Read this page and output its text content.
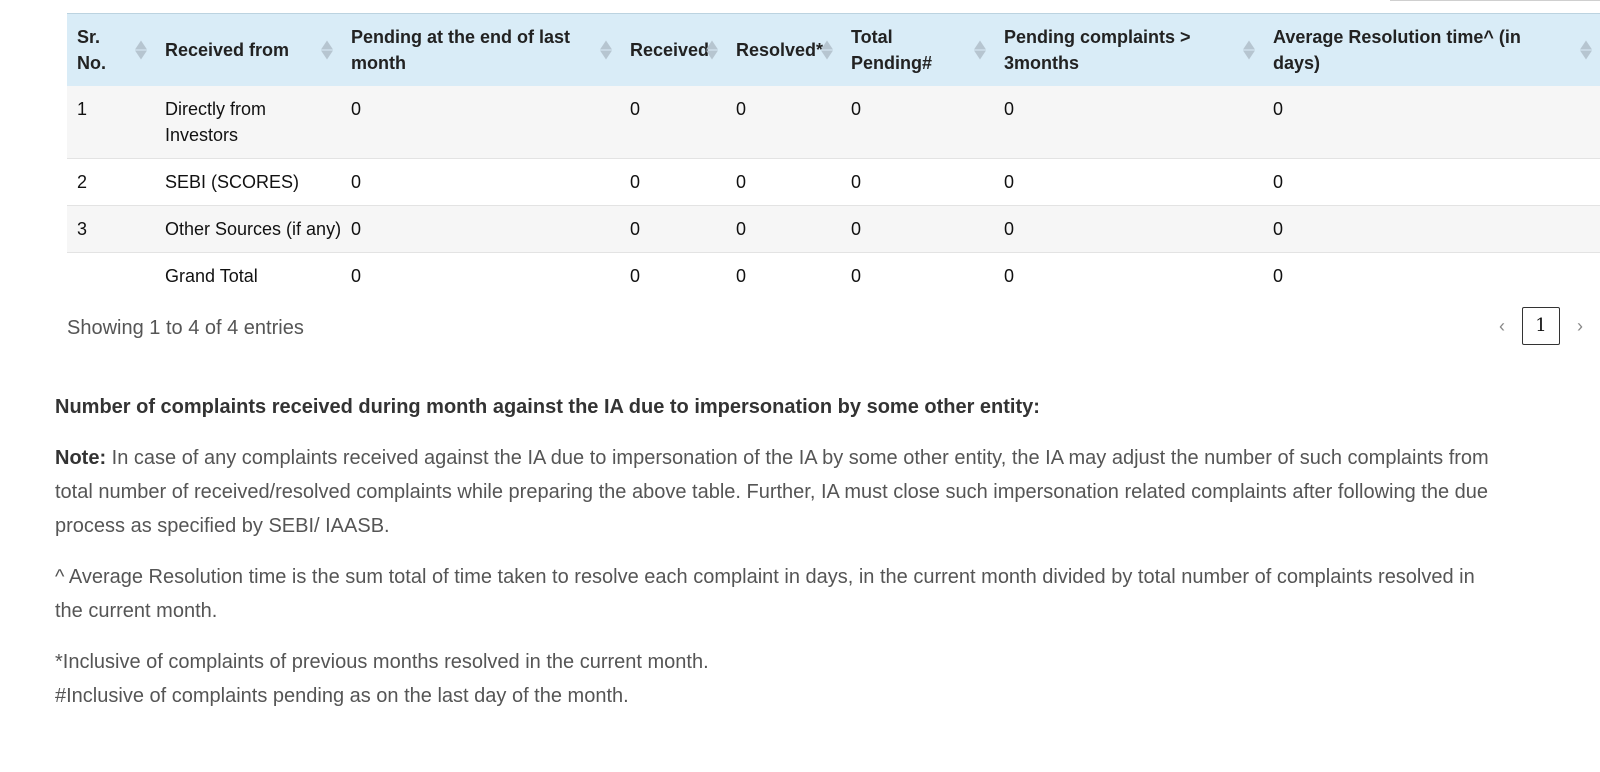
Sr. No.	Received from	Pending at the end of last month	Received	Resolved*	Total Pending#	Pending complaints > 3months	Average Resolution time^ (in days)

1	Directly from Investors	0	0	0	0	0	0
2	SEBI (SCORES)	0	0	0	0	0	0
3	Other Sources (if any)	0	0	0	0	0	0
	Grand Total	0	0	0	0	0	0
Showing 1 to 4 of 4 entries	‹	1	›

Number of complaints received during month against the IA due to impersonation by some other entity:

Note: In case of any complaints received against the IA due to impersonation of the IA by some other entity, the IA may adjust the number of such complaints from total number of received/resolved complaints while preparing the above table. Further, IA must close such impersonation related complaints after following the due process as specified by SEBI/ IAASB.

^ Average Resolution time is the sum total of time taken to resolve each complaint in days, in the current month divided by total number of complaints resolved in the current month.

*Inclusive of complaints of previous months resolved in the current month.
#Inclusive of complaints pending as on the last day of the month.
